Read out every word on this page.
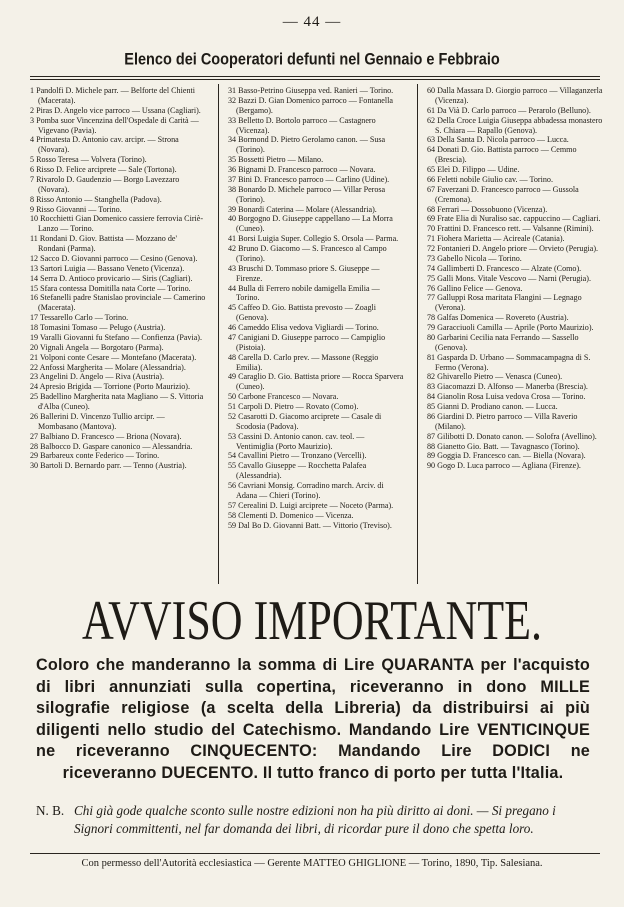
— 44 —
Elenco dei Cooperatori defunti nel Gennaio e Febbraio

1 Pandolfi D. Michele parr. — Belforte del Chienti (Macerata).

2 Piras D. Angelo vice parroco — Ussana (Cagliari).

3 Pomba suor Vincenzina dell'Ospedale di Carità — Vigevano (Pavia).

4 Primatesta D. Antonio cav. arcipr. — Strona (Novara).

5 Rosso Teresa — Volvera (Torino).

6 Risso D. Felice arciprete — Sale (Tortona).

7 Rivarolo D. Gaudenzio — Borgo Lavezzaro (Novara).

8 Risso Antonio — Stanghella (Padova).

9 Risso Giovanni — Torino.

10 Rocchietti Gian Domenico cassiere ferrovia Ciriè-Lanzo — Torino.

11 Rondani D. Giov. Battista — Mozzano de' Rondani (Parma).

12 Sacco D. Giovanni parroco — Cesino (Genova).

13 Sartori Luigia — Bassano Veneto (Vicenza).

14 Serra D. Antioco provicario — Siris (Cagliari).

15 Sfara contessa Domitilla nata Corte — Torino.

16 Stefanelli padre Stanislao provinciale — Camerino (Macerata).

17 Tessarello Carlo — Torino.

18 Tomasini Tomaso — Pelugo (Austria).

19 Varalli Giovanni fu Stefano — Confienza (Pavia).

20 Vignali Angela — Borgotaro (Parma).

21 Volponi conte Cesare — Montefano (Macerata).

22 Anfossi Margherita — Molare (Alessandria).

23 Angelini D. Angelo — Riva (Austria).

24 Apresio Brigida — Torrione (Porto Maurizio).

25 Badellino Margherita nata Magliano — S. Vittoria d'Alba (Cuneo).

26 Ballerini D. Vincenzo Tullio arcipr. — Mombasano (Mantova).

27 Balbiano D. Francesco — Briona (Novara).

28 Balbocco D. Gaspare canonico — Alessandria.

29 Barbareux conte Federico — Torino.

30 Bartoli D. Bernardo parr. — Tenno (Austria).

31 Basso-Petrino Giuseppa ved. Ranieri — Torino.

32 Bazzi D. Gian Domenico parroco — Fontanella (Bergamo).

33 Belletto D. Bortolo parroco — Castagnero (Vicenza).

34 Bormond D. Pietro Gerolamo canon. — Susa (Torino).

35 Bossetti Pietro — Milano.

36 Bignami D. Francesco parroco — Novara.

37 Bini D. Francesco parroco — Carlino (Udine).

38 Bonardo D. Michele parroco — Villar Perosa (Torino).

39 Bonardi Caterina — Molare (Alessandria).

40 Borgogno D. Giuseppe cappellano — La Morra (Cuneo).

41 Borsi Luigia Super. Collegio S. Orsola — Parma.

42 Bruno D. Giacomo — S. Francesco al Campo (Torino).

43 Bruschi D. Tommaso priore S. Giuseppe — Firenze.

44 Bulla di Ferrero nobile damigella Emilia — Torino.

45 Caffeo D. Gio. Battista prevosto — Zoagli (Genova).

46 Cameddo Elisa vedova Vigliardi — Torino.

47 Canigiani D. Giuseppe parroco — Campiglio (Pistoia).

48 Carella D. Carlo prev. — Massone (Reggio Emilia).

49 Caraglio D. Gio. Battista priore — Rocca Sparvera (Cuneo).

50 Carbone Francesco — Novara.

51 Carpoli D. Pietro — Rovato (Como).

52 Casarotti D. Giacomo arciprete — Casale di Scodosia (Padova).

53 Cassini D. Antonio canon. cav. teol. — Ventimiglia (Porto Maurizio).

54 Cavallini Pietro — Tronzano (Vercelli).

55 Cavallo Giuseppe — Rocchetta Palafea (Alessandria).

56 Cavriani Monsig. Corradino march. Arciv. di Adana — Chieri (Torino).

57 Cerealini D. Luigi arciprete — Noceto (Parma).

58 Clementi D. Domenico — Vicenza.

59 Dal Bo D. Giovanni Batt. — Vittorio (Treviso).

60 Dalla Massara D. Giorgio parroco — Villaganzerla (Vicenza).

61 Da Vià D. Carlo parroco — Perarolo (Belluno).

62 Della Croce Luigia Giuseppa abbadessa monastero S. Chiara — Rapallo (Genova).

63 Della Santa D. Nicola parroco — Lucca.

64 Donati D. Gio. Battista parroco — Cemmo (Brescia).

65 Eleì D. Filippo — Udine.

66 Feletti nobile Giulio cav. — Torino.

67 Faverzani D. Francesco parroco — Gussola (Cremona).

68 Ferrari — Dossobuono (Vicenza).

69 Frate Elia di Nuraliso sac. cappuccino — Cagliari.

70 Frattini D. Francesco rett. — Valsanne (Rimini).

71 Fiohera Marietta — Acireale (Catania).

72 Fontanieri D. Angelo priore — Orvieto (Perugia).

73 Gabello Nicola — Torino.

74 Gallimberti D. Francesco — Alzate (Como).

75 Galli Mons. Vitale Vescovo — Narni (Perugia).

76 Gallino Felice — Genova.

77 Galluppi Rosa maritata Flangini — Legnago (Verona).

78 Galfas Domenica — Rovereto (Austria).

79 Garacciuoli Camilla — Aprile (Porto Maurizio).

80 Garbarini Cecilia nata Ferrando — Sassello (Genova).

81 Gasparda D. Urbano — Sommacampagna di S. Fermo (Verona).

82 Ghivarello Pietro — Venasca (Cuneo).

83 Giacomazzi D. Alfonso — Manerba (Brescia).

84 Gianolin Rosa Luisa vedova Crosa — Torino.

85 Gianni D. Prodiano canon. — Lucca.

86 Giardini D. Pietro parroco — Villa Raverio (Milano).

87 Gilibotti D. Donato canon. — Solofra (Avellino).

88 Gianetto Gio. Batt. — Tavagnasco (Torino).

89 Goggia D. Francesco can. — Biella (Novara).

90 Gogo D. Luca parroco — Agliana (Firenze).

AVVISO IMPORTANTE.
Coloro che manderanno la somma di Lire QUARANTA per l'acquisto di libri annunziati sulla copertina, riceveranno in dono MILLE silografie religiose (a scelta della Libreria) da distribuirsi ai più diligenti nello studio del Catechismo. Mandando Lire VENTICINQUE ne riceveranno CINQUECENTO: Mandando Lire DODICI ne riceveranno DUECENTO. Il tutto franco di porto per tutta l'Italia.
N. B. Chi già gode qualche sconto sulle nostre edizioni non ha più diritto ai doni. — Si pregano i Signori committenti, nel far domanda dei libri, di ricordar pure il dono che spetta loro.
Con permesso dell'Autorità ecclesiastica — Gerente MATTEO GHIGLIONE — Torino, 1890, Tip. Salesiana.
